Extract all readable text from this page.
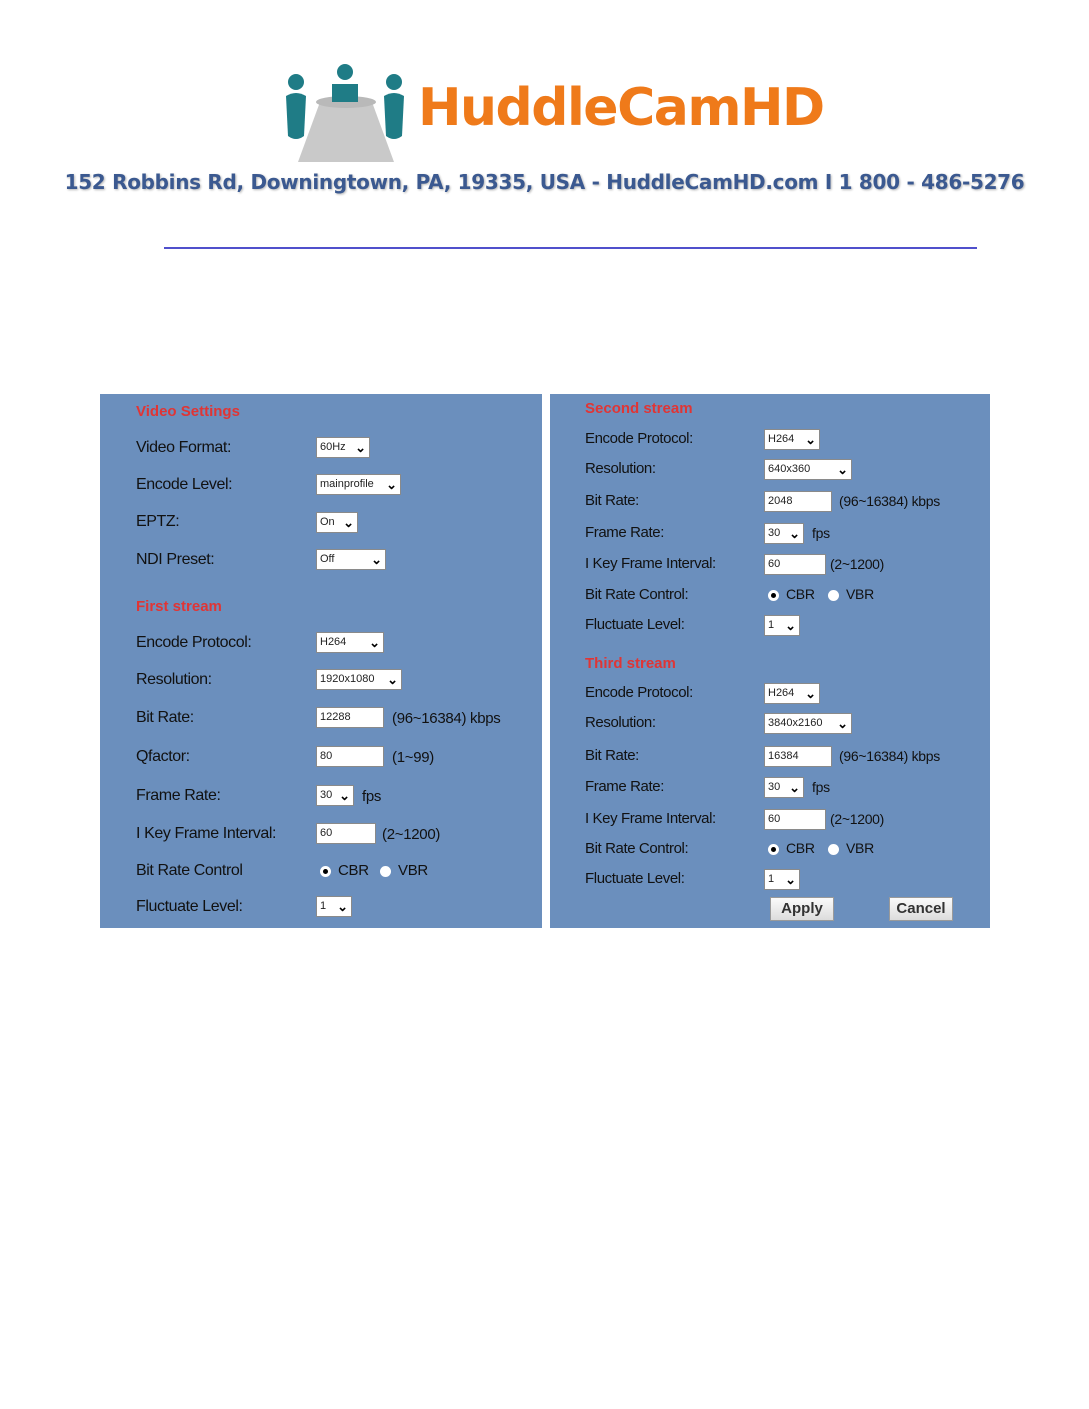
HuddleCamHD
152 Robbins Rd, Downingtown, PA, 19335, USA - HuddleCamHD.com I 1 800 - 486-5276
Video Settings
Video Format:	60Hz ⌄
Encode Level:	mainprofile ⌄
EPTZ:	On ⌄
NDI Preset:	Off	⌄
First stream
Encode Protocol:	H264 ⌄
Resolution:	1920x1080 ⌄
Bit Rate:	12288	(96~16384) kbps
Qfactor:	80	(1~99)
Frame Rate:	30 ⌄ fps
I Key Frame Interval:	60	(2~1200)
Bit Rate Control	CBR VBR
Fluctuate Level:	1 ⌄
Second stream
Encode Protocol:	H264 ⌄
Resolution:	640x360 ⌄
Bit Rate:	2048	(96~16384) kbps
Frame Rate:	30 ⌄ fps
I Key Frame Interval:	60	(2~1200)
Bit Rate Control:	CBR VBR
Fluctuate Level:	1 ⌄
Third stream
Encode Protocol:	H264 ⌄
Resolution:	3840x2160 ⌄
Bit Rate:	16384	(96~16384) kbps
Frame Rate:	30 ⌄ fps
I Key Frame Interval:	60	(2~1200)
Bit Rate Control:	CBR VBR
Fluctuate Level:	1 ⌄
Apply	Cancel
